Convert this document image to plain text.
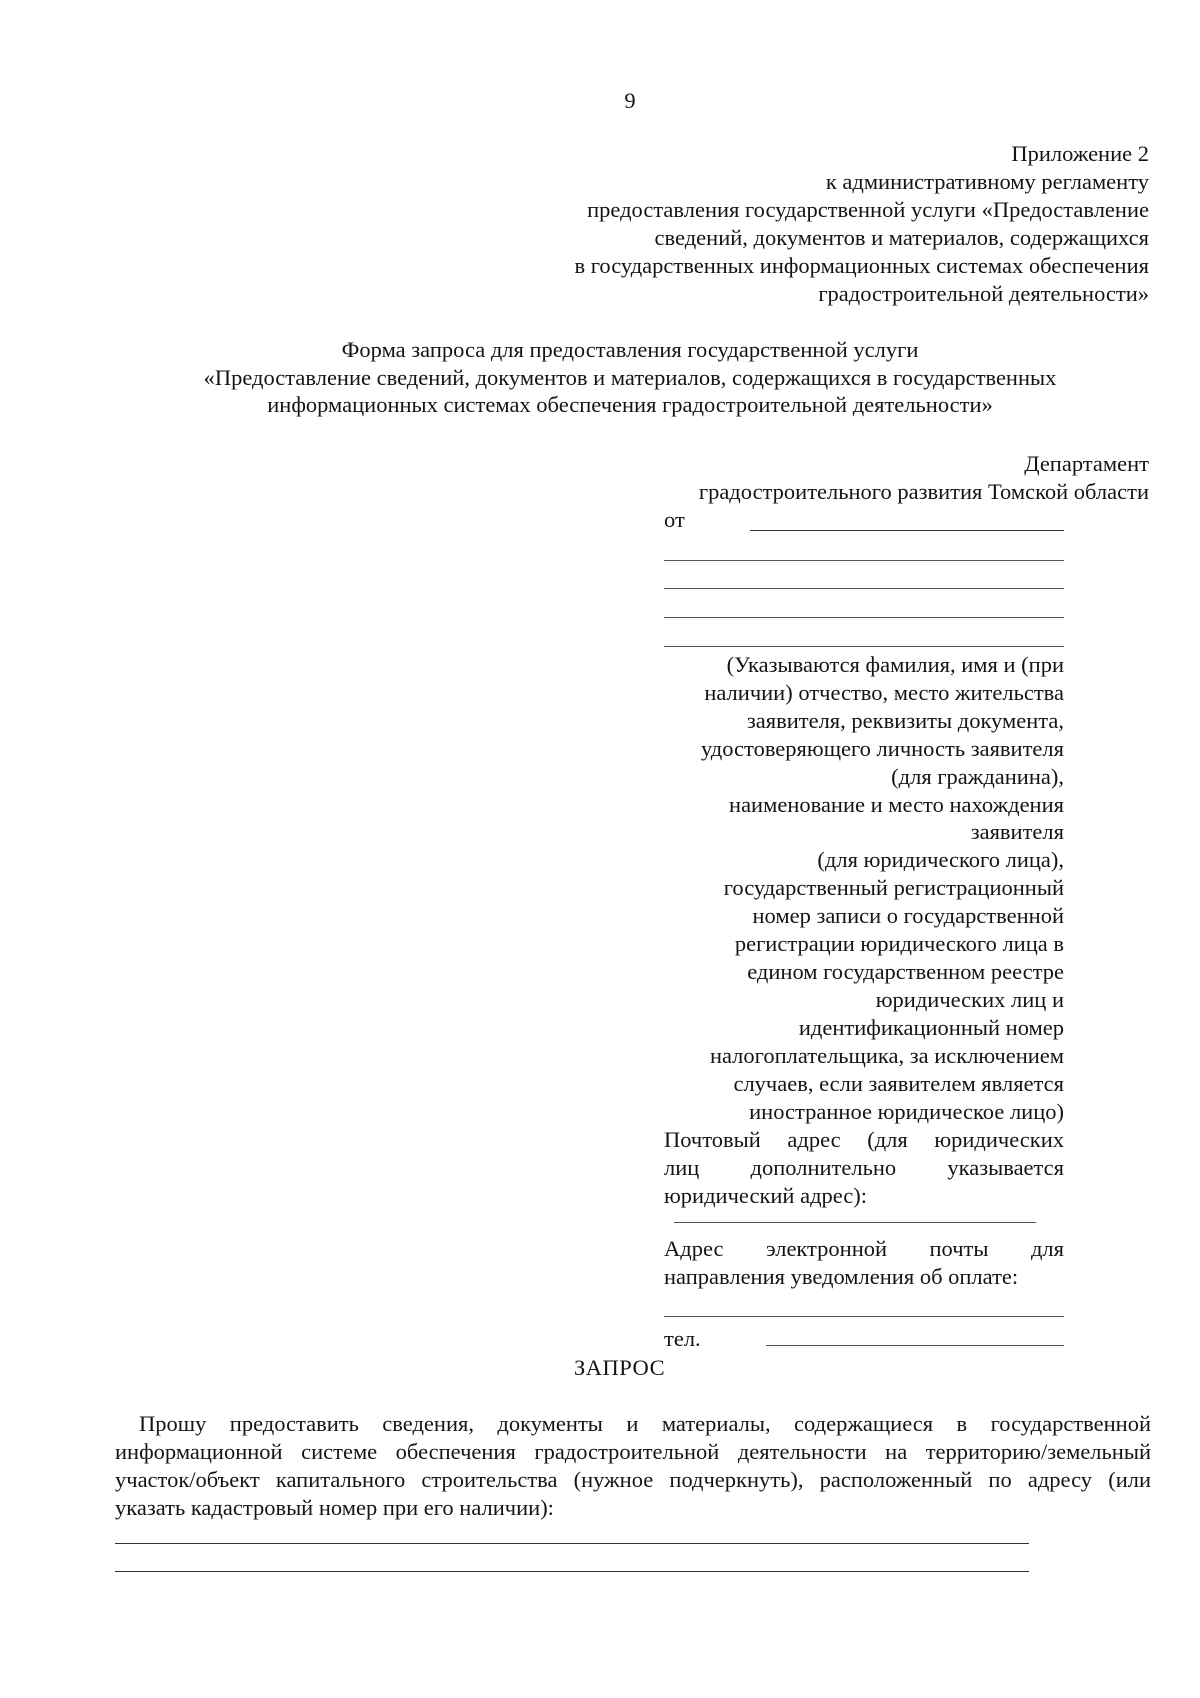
9
Приложение 2
к административному регламенту
предоставления государственной услуги «Предоставление
сведений, документов и материалов, содержащихся
в государственных информационных системах обеспечения
градостроительной деятельности»
Форма запроса для предоставления государственной услуги
«Предоставление сведений, документов и материалов, содержащихся в государственных
информационных системах обеспечения градостроительной деятельности»
Департамент
градостроительного развития Томской области
от
(Указываются фамилия, имя и (при
наличии) отчество, место жительства
заявителя, реквизиты документа,
удостоверяющего личность заявителя
(для гражданина),
наименование и место нахождения
заявителя
(для юридического лица),
государственный регистрационный
номер записи о государственной
регистрации юридического лица в
едином государственном реестре
юридических лиц и
идентификационный номер
налогоплательщика, за исключением
случаев, если заявителем является
иностранное юридическое лицо)
Почтовый адрес (для юридических
лиц дополнительно указывается
юридический адрес):
Адрес электронной почты для
направления уведомления об оплате:
тел.
ЗАПРОС
Прошу предоставить сведения, документы и материалы, содержащиеся в государственной
информационной системе обеспечения градостроительной деятельности на территорию/земельный
участок/объект капитального строительства (нужное подчеркнуть), расположенный по адресу (или
указать кадастровый номер при его наличии):
